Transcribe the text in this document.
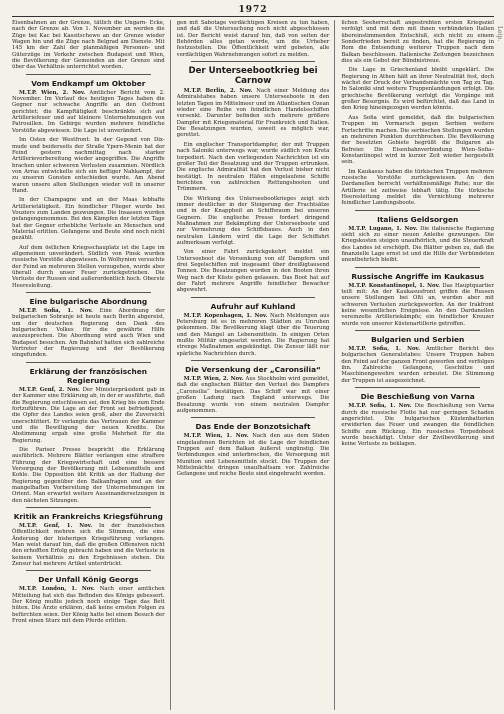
1972

Eisenbahnen an der Grenze, tätlich die Ungarn- Ecke, nach der Grenze ab. Von 1. November an werden die Züge bei Kac bei Kassitschewo an der Grenze wieder Wagen hin und die Züge nach Belgrad am Dienste. Mit 145 km der Zahl der planmäßigen Personen- und Güterzüge im Verkehr zwischen Budapest und Wien, die Bevölkerung der Gemeinden an der Grenze sind über das Verhältnis unterrichtet worden.

Vom Endkampf um Oktober

M.T.P. Wien, 2. Nov. Amtlicher Bericht vom 2. November. Im Verlauf des heutigen Tages haben die Gegner nur schwache Angriffe an den Ostfront gerichtet; die Kampftätigkeit beschränkte sich auf Artilleriefeuer und auf kleinere Unternehmungen von Patrouillen. Im Gebirge wurden mehrere feindliche Vorstöße abgewiesen. Die Lage ist unverändert.

Im Osten der Westfront: In der Gegend von Dix- mude und beiderseits der Straße Ypern-Menin hat der Feind gestern nachmittag nach starker Artillerievorbereitung wieder angegriffen. Die Angriffe brachen unter schweren Verlusten zusammen. Nördlich von Arras entwickelte sich ein heftiger Nahkampf, der zu unseren Gunsten entschieden wurde. Am Abend waren unsere alten Stellungen wieder voll in unserer Hand.

In der Champagne und an der Maas lebhafte Artillerietätigkeit. Ein feindlicher Flieger wurde bei Vouziers zum Landen gezwungen. Die Insassen wurden gefangengenommen. Bei den Kämpfen der letzten Tage hat der Gegner erhebliche Verluste an Menschen und Material erlitten. Gefangene und Beute sind noch nicht gezählt.

Auf dem östlichen Kriegsschauplatz ist die Lage im allgemeinen unverändert. Südlich von Pinsk wurden russische Vorstöße abgewiesen. In Wolhynien versuchte der Feind an mehreren Stellen vorzugehen, wurde aber überall durch unser Feuer zurückgetrieben. Die Verluste der Russen sind außerordentlich hoch. Oberste Heeresleitung.

Eine bulgarische Abordnung

M.T.P. Sofia, 1. Nov. Eine Abordnung der bulgarischen Sobranje ist heute nach Berlin abgereist, um der deutschen Regierung den Dank des bulgarischen Volkes für die gewährte Hilfe auszusprechen. Die Abordnung wird auch Wien und Budapest besuchen. Am Bahnhof hatten sich zahlreiche Vertreter der Regierung und der Bevölkerung eingefunden.

Erklärung der französischen Regierung

M.T.P. Genf, 2. Nov. Der Ministerpräsident gab in der Kammer eine Erklärung ab, in der er ausführte, daß die Regierung entschlossen sei, den Krieg bis zum Ende fortzuführen. Die Lage an der Front sei befriedigend, die Opfer des Landes seien groß, aber die Zuversicht unerschüttert. Er verlangte das Vertrauen der Kammer und die Bewilligung der neuen Kredite. Die Abstimmung ergab eine große Mehrheit für die Regierung.

Die Pariser Presse bespricht die Erklärung ausführlich. Mehrere Blätter verlangen eine straffere Führung der Kriegswirtschaft und eine bessere Versorgung der Bevölkerung mit Lebensmitteln und Kohle. Die Opposition übt Kritik an der Haltung der Regierung gegenüber den Balkanfragen und an der mangelhaften Vorbereitung der Unternehmungen im Orient. Man erwartet weitere Auseinandersetzungen in den nächsten Sitzungen.

Kritik an Frankreichs Kriegsführung

M.T.P. Genf, 1. Nov. In der französischen Öffentlichkeit mehren sich die Stimmen, die eine Änderung der bisherigen Kriegsführung verlangen. Man weist darauf hin, daß die großen Offensiven nicht den erhofften Erfolg gebracht haben und die Verluste in keinem Verhältnis zu den Ergebnissen stehen. Die Zensur hat mehrere Artikel unterdrückt.

Der Unfall König Georgs

M.T.P. London, 1. Nov. Nach einer amtlichen Mitteilung hat sich das Befinden des Königs gebessert. Der König mußte jedoch noch einige Tage das Bett hüten. Die Ärzte erklären, daß keine ernsten Folgen zu befürchten seien. Der König hatte bei einem Besuch der Front einen Sturz mit dem Pferde erlitten.

gen mit Sabotage verdächtigen Kreisen zu tun haben, und daß die Untersuchung noch nicht abgeschlossen ist. Der Bericht weist darauf hin, daß von seiten der Behörden alles getan werde, um die Urheber festzustellen. Die Öffentlichkeit wird gebeten, alle verdächtigen Wahrnehmungen sofort zu melden.

Der Unterseebootkrieg bei Carnow

M.T.P. Berlin, 2. Nov. Nach einer Meldung des Admiralstabes haben unsere Unterseeboote in den letzten Tagen im Mittelmeer und im Atlantischen Ozean wieder eine Reihe von feindlichen Handelsschiffen versenkt. Darunter befinden sich mehrere größere Dampfer mit Kriegsmaterial für Frankreich und Italien. Die Besatzungen wurden, soweit es möglich war, gerettet.

Ein englischer Transportdampfer, der mit Truppen nach Saloniki unterwegs war, wurde südlich von Kreta torpediert. Nach den vorliegenden Nachrichten ist ein großer Teil der Besatzung und der Truppen ertrunken. Die englische Admiralität hat den Verlust bisher nicht bestätigt. In neutralen Häfen eingelaufene Schiffe berichten von zahlreichen Rettungsbooten und Trümmern.

Die Wirkung des Unterseebootkrieges zeigt sich immer deutlicher in der Steigerung der Frachtsätze und in der Knappheit an Schiffsraum bei unseren Gegnern. Die englische Presse fordert dringend Maßnahmen zur Bekämpfung der Unterseeboote und zur Vermehrung des Schiffsbaues. Auch in den neutralen Ländern wird die Lage der Schiffahrt aufmerksam verfolgt.

Von einer Fahrt zurückgekehrt meldet ein Unterseeboot die Versenkung von elf Dampfern und drei Segelschiffen mit insgesamt über dreißigtausend Tonnen. Die Besatzungen wurden in den Booten ihren Weg nach der Küste gehen gelassen. Das Boot hat auf der Fahrt mehrere Angriffe feindlicher Bewacher abgewehrt.

Aufruhr auf Kuhland

M.T.P. Kopenhagen, 1. Nov. Nach Meldungen aus Petersburg ist es in mehreren Städten zu Unruhen gekommen. Die Bevölkerung klagt über die Teuerung und den Mangel an Lebensmitteln. In einigen Orten mußte Militär eingesetzt werden. Die Regierung hat strenge Maßnahmen angekündigt. Die Zensur läßt nur spärliche Nachrichten durch.

Die Versenkung der „Caronsilia“

M.T.P. Wien, 2. Nov. Aus Stockholm wird gemeldet, daß die englischen Blätter den Verlust des Dampfers „Caronsilia“ bestätigen. Das Schiff war mit einer großen Ladung nach England unterwegs. Die Besatzung wurde von einem neutralen Dampfer aufgenommen.

Das Ende der Bonzotsichaft

M.T.P. Wien, 1. Nov. Nach den aus dem Süden eingelaufenen Berichten ist die Lage der feindlichen Truppen auf dem Balkan äußerst ungünstig. Die Verbindungen sind unterbrochen, die Versorgung mit Munition und Lebensmitteln stockt. Die Truppen der Mittelmächte dringen unaufhaltsam vor. Zahlreiche Gefangene und reiche Beute sind eingebracht worden.

lichen Seeherrschaft angestrebten ersten Kriegsziel verfolgt und mit dem mit ihnen verbündeten Italien übereinstimmenden Entschluß, sich nicht zu einem Sonderfrieden bereit zu finden, hat die Regierung in Rom die Entsendung weiterer Truppen nach dem Balkan beschlossen. Italienische Zeitungen bezeichnen dies als ein Gebot der Bündnistreue.

Die Lage in Griechenland bleibt ungeklärt. Die Regierung in Athen hält an ihrer Neutralität fest, doch wächst der Druck der Verbandsmächte von Tag zu Tag. In Saloniki sind weitere Truppenlandungen erfolgt. Die griechische Bevölkerung verfolgt die Vorgänge mit großer Besorgnis. Es wird befürchtet, daß das Land in den Krieg hineingezogen werden könnte.

Aus Sofia wird gemeldet, daß die bulgarischen Truppen im Vormarsch gegen Serbien weitere Fortschritte machen. Die serbischen Stellungen wurden an mehreren Punkten durchbrochen. Die Bevölkerung der besetzten Gebiete begrüßt die Bulgaren als Befreier. Die Eisenbahnverbindung Wien–Sofia–Konstantinopel wird in kurzer Zeit wieder hergestellt sein.

Im Kaukasus haben die türkischen Truppen mehrere russische Vorstöße zurückgewiesen. An den Dardanellen herrscht verhältnismäßige Ruhe; nur die Artillerie ist zeitweise lebhaft tätig. Die türkische Heeresleitung meldet die Vernichtung mehrerer feindlicher Landungsboote.

Italiens Geldsorgen

M.T.P. Lugano, 1. Nov. Die italienische Regierung sieht sich zu einer neuen Anleihe gezwungen. Die Kriegskosten steigen unaufhörlich, und die Steuerkraft des Landes ist erschöpft. Die Blätter geben zu, daß die finanzielle Lage ernst ist und die Hilfe der Verbündeten unentbehrlich bleibt.

Russische Angriffe im Kaukasus

M.T.P. Konstantinopel, 1. Nov. Das Hauptquartier teilt mit: An der Kaukasusfront griffen die Russen unsere Stellungen bei Olti an, wurden aber mit schweren Verlusten zurückgeworfen. An der Irakfront keine wesentlichen Ereignisse. An den Dardanellen vereinzelte Artilleriekämpfe; ein feindlicher Kreuzer wurde von unserer Küstenartillerie getroffen.

Bulgarien und Serbien

M.T.P. Sofia, 1. Nov. Amtlicher Bericht des bulgarischen Generalstabes: Unsere Truppen haben den Feind auf der ganzen Front geworfen und verfolgen ihn. Zahlreiche Gefangene, Geschütze und Maschinengewehre wurden erbeutet. Die Stimmung der Truppen ist ausgezeichnet.

Die Beschießung von Varna

M.T.P. Sofia, 1. Nov. Die Beschießung von Varna durch die russische Flotte hat nur geringen Schaden angerichtet. Die bulgarischen Küstenbatterien erwiderten das Feuer und zwangen die feindlichen Schiffe zum Rückzug. Ein russisches Torpedoboot wurde beschädigt. Unter der Zivilbevölkerung sind keine Verluste zu beklagen.

Leip.
